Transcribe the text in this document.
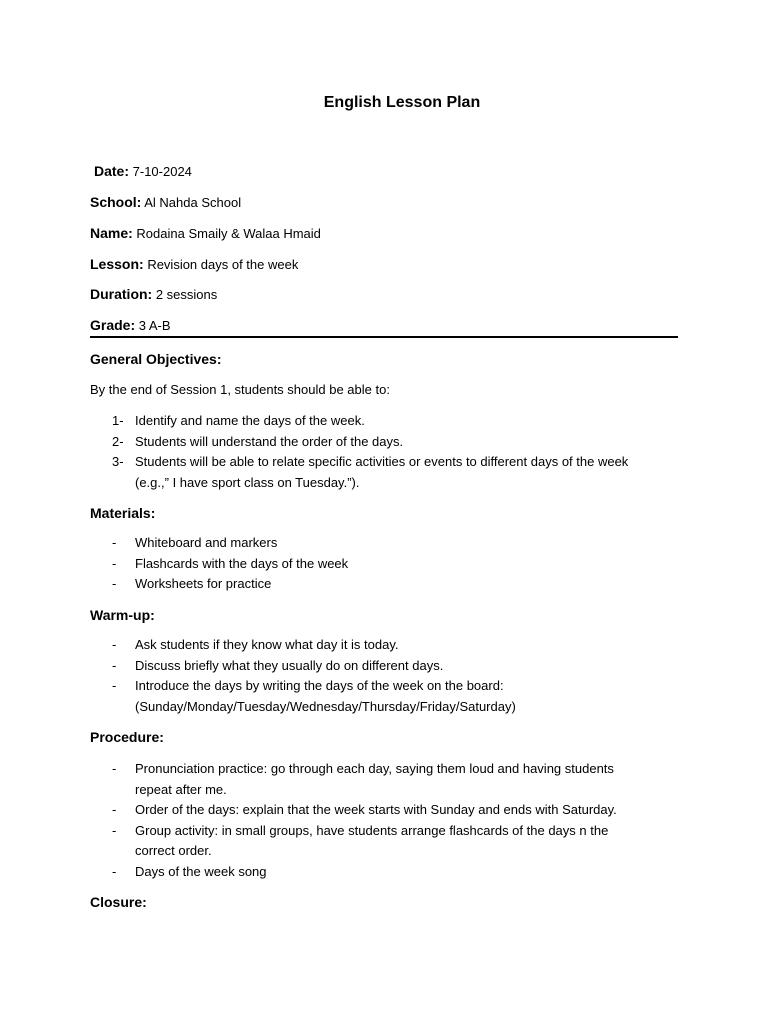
English Lesson Plan
Date: 7-10-2024
School: Al Nahda School
Name: Rodaina Smaily & Walaa Hmaid
Lesson: Revision days of the week
Duration: 2 sessions
Grade: 3 A-B
General Objectives:
By the end of Session 1, students should be able to:
1- Identify and name the days of the week.
2- Students will understand the order of the days.
3- Students will be able to relate specific activities or events to different days of the week
(e.g.,” I have sport class on Tuesday.”).
Materials:
- Whiteboard and markers
- Flashcards with the days of the week
- Worksheets for practice
Warm-up:
- Ask students if they know what day it is today.
- Discuss briefly what they usually do on different days.
- Introduce the days by writing the days of the week on the board:
(Sunday/Monday/Tuesday/Wednesday/Thursday/Friday/Saturday)
Procedure:
- Pronunciation practice: go through each day, saying them loud and having students
repeat after me.
- Order of the days: explain that the week starts with Sunday and ends with Saturday.
- Group activity: in small groups, have students arrange flashcards of the days n the
correct order.
- Days of the week song
Closure:
